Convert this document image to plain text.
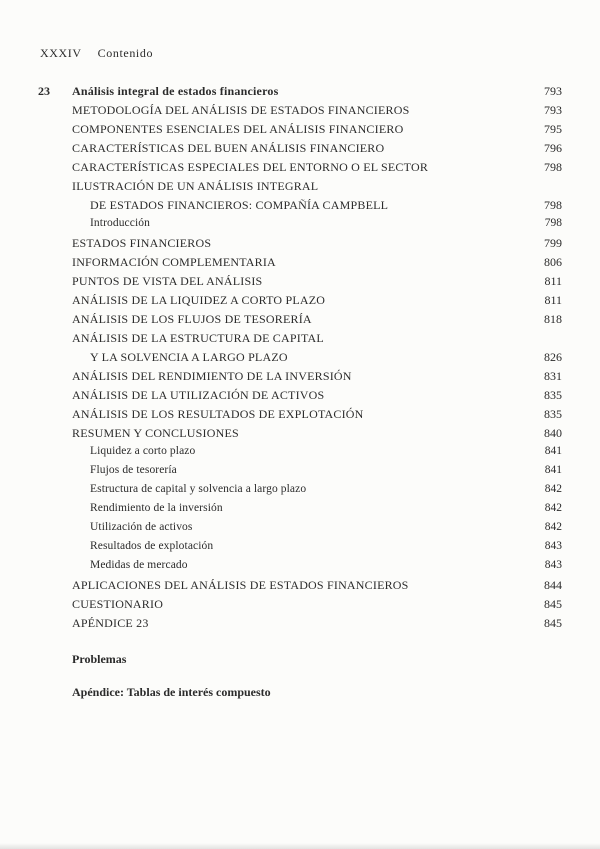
XXXIV Contenido
23	Análisis integral de estados financieros	793
METODOLOGÍA DEL ANÁLISIS DE ESTADOS FINANCIEROS	793
COMPONENTES ESENCIALES DEL ANÁLISIS FINANCIERO	795
CARACTERÍSTICAS DEL BUEN ANÁLISIS FINANCIERO	796
CARACTERÍSTICAS ESPECIALES DEL ENTORNO O EL SECTOR	798
ILUSTRACIÓN DE UN ANÁLISIS INTEGRAL
DE ESTADOS FINANCIEROS: COMPAÑÍA CAMPBELL	798
Introducción	798
ESTADOS FINANCIEROS	799
INFORMACIÓN COMPLEMENTARIA	806
PUNTOS DE VISTA DEL ANÁLISIS	811
ANÁLISIS DE LA LIQUIDEZ A CORTO PLAZO	811
ANÁLISIS DE LOS FLUJOS DE TESORERÍA	818
ANÁLISIS DE LA ESTRUCTURA DE CAPITAL
Y LA SOLVENCIA A LARGO PLAZO	826
ANÁLISIS DEL RENDIMIENTO DE LA INVERSIÓN	831
ANÁLISIS DE LA UTILIZACIÓN DE ACTIVOS	835
ANÁLISIS DE LOS RESULTADOS DE EXPLOTACIÓN	835
RESUMEN Y CONCLUSIONES	840
Liquidez a corto plazo	841
Flujos de tesorería	841
Estructura de capital y solvencia a largo plazo	842
Rendimiento de la inversión	842
Utilización de activos	842
Resultados de explotación	843
Medidas de mercado	843
APLICACIONES DEL ANÁLISIS DE ESTADOS FINANCIEROS	844
CUESTIONARIO	845
APÉNDICE 23	845
Problemas
Apéndice: Tablas de interés compuesto
